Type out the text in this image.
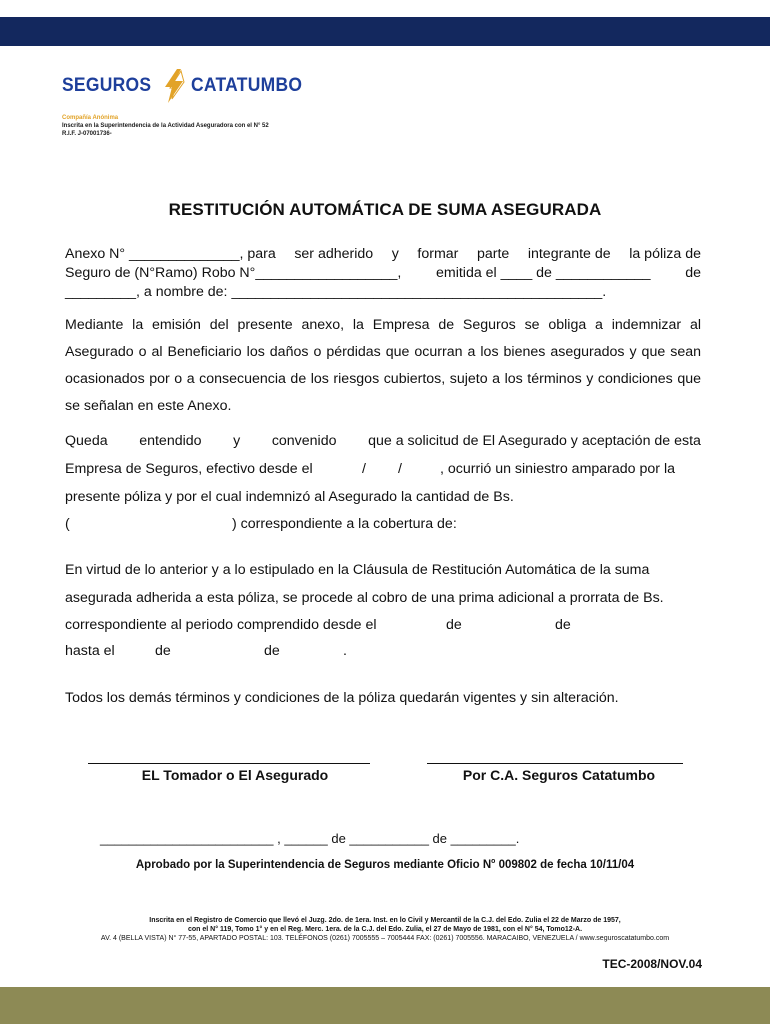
SEGUROS CATATUMBO
Compañía Anónima
Inscrita en la Superintendencia de la Actividad Aseguradora con el N° 52
R.I.F. J-07001736-
RESTITUCIÓN AUTOMÁTICA DE SUMA ASEGURADA
Anexo N° ______________, para ser adherido y formar parte integrante de la póliza de
Seguro de (N°Ramo) Robo N°__________________, emitida el ____ de ____________ de
_________, a nombre de: _______________________________________________.
Mediante la emisión del presente anexo, la Empresa de Seguros se obliga a indemnizar al Asegurado o al Beneficiario los daños o pérdidas que ocurran a los bienes asegurados y que sean ocasionados por o a consecuencia de los riesgos cubiertos, sujeto a los términos y condiciones que se señalan en este Anexo.
Queda entendido y convenido que a solicitud de El Asegurado y aceptación de esta
Empresa de Seguros, efectivo desde el	/ /	, ocurrió un siniestro amparado por la
presente póliza y por el cual indemnizó al Asegurado la cantidad de Bs.
(	) correspondiente a la cobertura de:
En virtud de lo anterior y a lo estipulado en la Cláusula de Restitución Automática de la suma
asegurada adherida a esta póliza, se procede al cobro de una prima adicional a prorrata de Bs.
correspondiente al periodo comprendido desde el	de	de
hasta el	de	de	.
Todos los demás términos y condiciones de la póliza quedarán vigentes y sin alteración.
EL Tomador o El Asegurado	Por C.A. Seguros Catatumbo
________________________ , ______ de ___________ de _________.
Aprobado por la Superintendencia de Seguros mediante Oficio $N^o$ 009802 de fecha 10/11/04
Inscrita en el Registro de Comercio que llevó el Juzg. 2do. de 1era. Inst. en lo Civil y Mercantil de la C.J. del Edo. Zulia el 22 de Marzo de 1957,
con el N° 119, Tomo 1° y en el Reg. Merc. 1era. de la C.J. del Edo. Zulia, el 27 de Mayo de 1981, con el N° 54, Tomo12-A.
AV. 4 (BELLA VISTA) N° 77-55, APARTADO POSTAL: 103. TELÉFONOS (0261) 7005555 – 7005444 FAX: (0261) 7005556. MARACAIBO, VENEZUELA / www.seguroscatatumbo.com
TEC-2008/NOV.04
